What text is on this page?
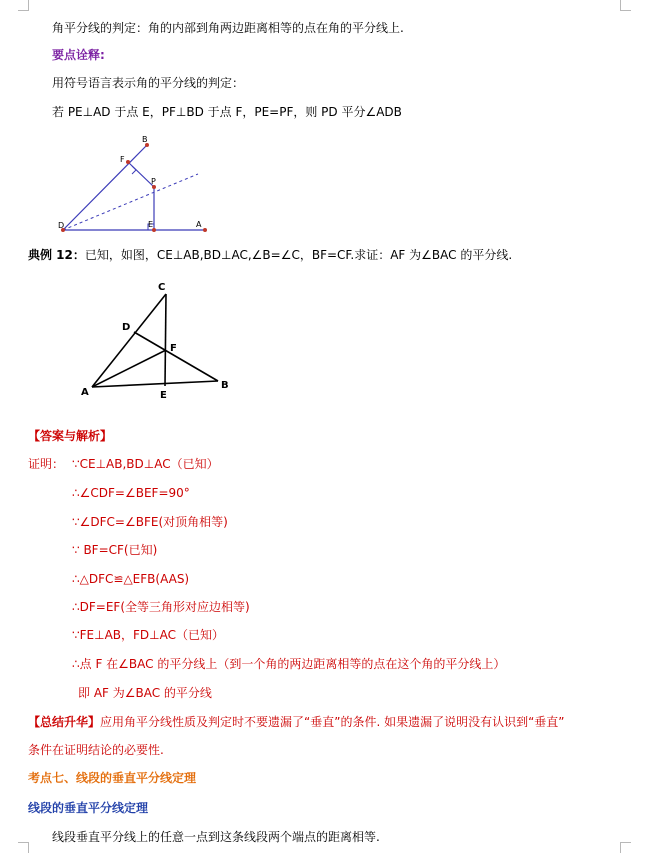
角平分线的判定：角的内部到角两边距离相等的点在角的平分线上.
要点诠释:
用符号语言表示角的平分线的判定：
若 PE⊥AD 于点 E，PF⊥BD 于点 F，PE=PF，则 PD 平分∠ADB
B
F
P
D	E	A
典例 12：已知，如图，CE⊥AB,BD⊥AC,∠B=∠C，BF=CF.求证：AF 为∠BAC 的平分线.
C
D
F
A	E
B
【答案与解析】
证明： ∵CE⊥AB,BD⊥AC（已知）
∴∠CDF=∠BEF=90°
∵∠DFC=∠BFE(对顶角相等)
∵ BF=CF(已知)
∴△DFC≌△EFB(AAS)
∴DF=EF(全等三角形对应边相等)
∵FE⊥AB，FD⊥AC（已知）
∴点 F 在∠BAC 的平分线上（到一个角的两边距离相等的点在这个角的平分线上）
即 AF 为∠BAC 的平分线
【总结升华】应用角平分线性质及判定时不要遗漏了“垂直”的条件. 如果遗漏了说明没有认识到“垂直”
条件在证明结论的必要性.
考点七、线段的垂直平分线定理
线段的垂直平分线定理
线段垂直平分线上的任意一点到这条线段两个端点的距离相等.
